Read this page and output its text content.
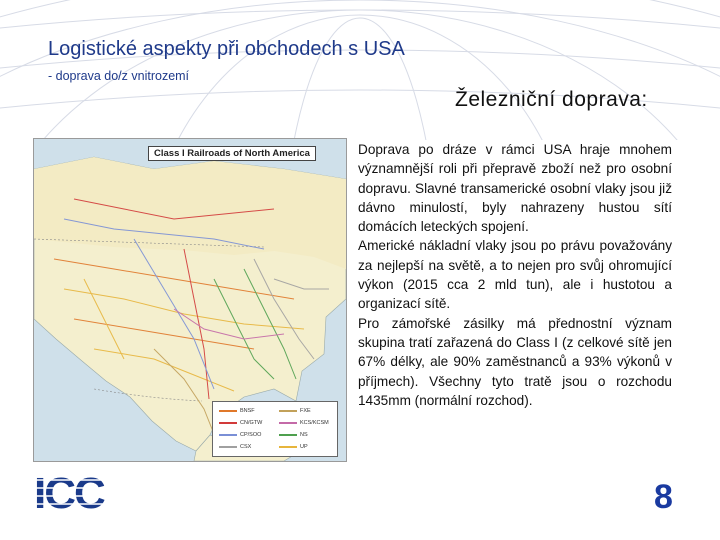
Logistické aspekty při obchodech s USA
- doprava do/z vnitrozemí
Železniční doprava:
Class I Railroads of North America
BNSF	FXE
CN/GTW	KCS/KCSM
CP/SOO	NS
CSX	UP

Doprava po dráze v rámci USA hraje mnohem významnější roli při přepravě zboží než pro osobní dopravu. Slavné transamerické osobní vlaky jsou již dávno minulostí, byly nahrazeny hustou sítí domácích leteckých spojení.

Americké nákladní vlaky jsou po právu považovány za nejlepší na světě, a to nejen pro svůj ohromující výkon (2015 cca 2 mld tun), ale i hustotou a organizací sítě.

Pro zámořské zásilky má přednostní význam skupina tratí zařazená do Class I (z celkové sítě jen 67% délky, ale 90% zaměstnanců a 93% výkonů v příjmech). Všechny tyto tratě jsou o rozchodu 1435mm (normální rozchod).

ICC	8
